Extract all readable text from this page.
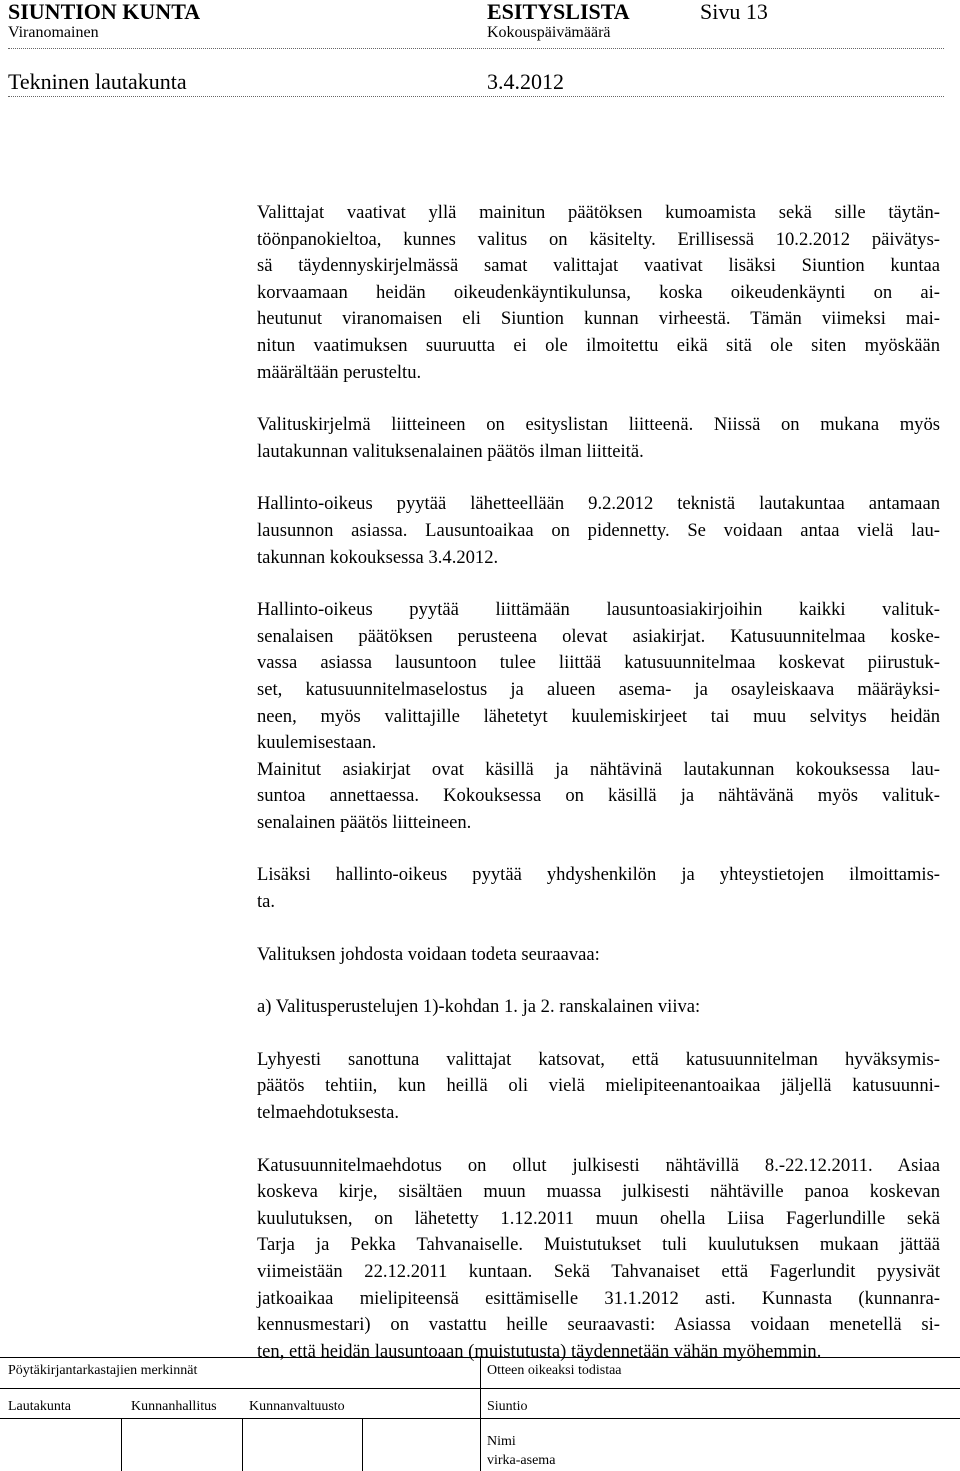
SIUNTION KUNTA	ESITYSLISTA	Sivu 13
Viranomainen	Kokouspäivämäärä
Tekninen lautakunta	3.4.2012

Valittajat vaativat yllä mainitun päätöksen kumoamista sekä sille täytän-
töönpanokieltoa, kunnes valitus on käsitelty. Erillisessä 10.2.2012 päivätys-
sä täydennyskirjelmässä samat valittajat vaativat lisäksi Siuntion kuntaa
korvaamaan heidän oikeudenkäyntikulunsa, koska oikeudenkäynti on ai-
heutunut viranomaisen eli Siuntion kunnan virheestä. Tämän viimeksi mai-
nitun vaatimuksen suuruutta ei ole ilmoitettu eikä sitä ole siten myöskään
määrältään perusteltu.

Valituskirjelmä liitteineen on esityslistan liitteenä. Niissä on mukana myös
lautakunnan valituksenalainen päätös ilman liitteitä.

Hallinto-oikeus pyytää lähetteellään 9.2.2012 teknistä lautakuntaa antamaan
lausunnon asiassa. Lausuntoaikaa on pidennetty. Se voidaan antaa vielä lau-
takunnan kokouksessa 3.4.2012.

Hallinto-oikeus pyytää liittämään lausuntoasiakirjoihin kaikki valituk-
senalaisen päätöksen perusteena olevat asiakirjat. Katusuunnitelmaa koske-
vassa asiassa lausuntoon tulee liittää katusuunnitelmaa koskevat piirustuk-
set, katusuunnitelmaselostus ja alueen asema- ja osayleiskaava määräyksi-
neen, myös valittajille lähetetyt kuulemiskirjeet tai muu selvitys heidän
kuulemisestaan.
Mainitut asiakirjat ovat käsillä ja nähtävinä lautakunnan kokouksessa lau-
suntoa annettaessa. Kokouksessa on käsillä ja nähtävänä myös valituk-
senalainen päätös liitteineen.

Lisäksi hallinto-oikeus pyytää yhdyshenkilön ja yhteystietojen ilmoittamis-
ta.

Valituksen johdosta voidaan todeta seuraavaa:

a) Valitusperustelujen 1)-kohdan 1. ja 2. ranskalainen viiva:

Lyhyesti sanottuna valittajat katsovat, että katusuunnitelman hyväksymis-
päätös tehtiin, kun heillä oli vielä mielipiteenantoaikaa jäljellä katusuunni-
telmaehdotuksesta.

Katusuunnitelmaehdotus on ollut julkisesti nähtävillä 8.-22.12.2011. Asiaa
koskeva kirje, sisältäen muun muassa julkisesti nähtäville panoa koskevan
kuulutuksen, on lähetetty 1.12.2011 muun ohella Liisa Fagerlundille sekä
Tarja ja Pekka Tahvanaiselle. Muistutukset tuli kuulutuksen mukaan jättää
viimeistään 22.12.2011 kuntaan. Sekä Tahvanaiset että Fagerlundit pyysivät
jatkoaikaa mielipiteensä esittämiselle 31.1.2012 asti. Kunnasta (kunnanra-
kennusmestari) on vastattu heille seuraavasti: Asiassa voidaan menetellä si-
ten, että heidän lausuntoaan (muistutusta) täydennetään vähän myöhemmin.

Pöytäkirjantarkastajien merkinnät	Otteen oikeaksi todistaa
Lautakunta	Kunnanhallitus Kunnanvaltuusto	Siuntio
Nimi
virka-asema
